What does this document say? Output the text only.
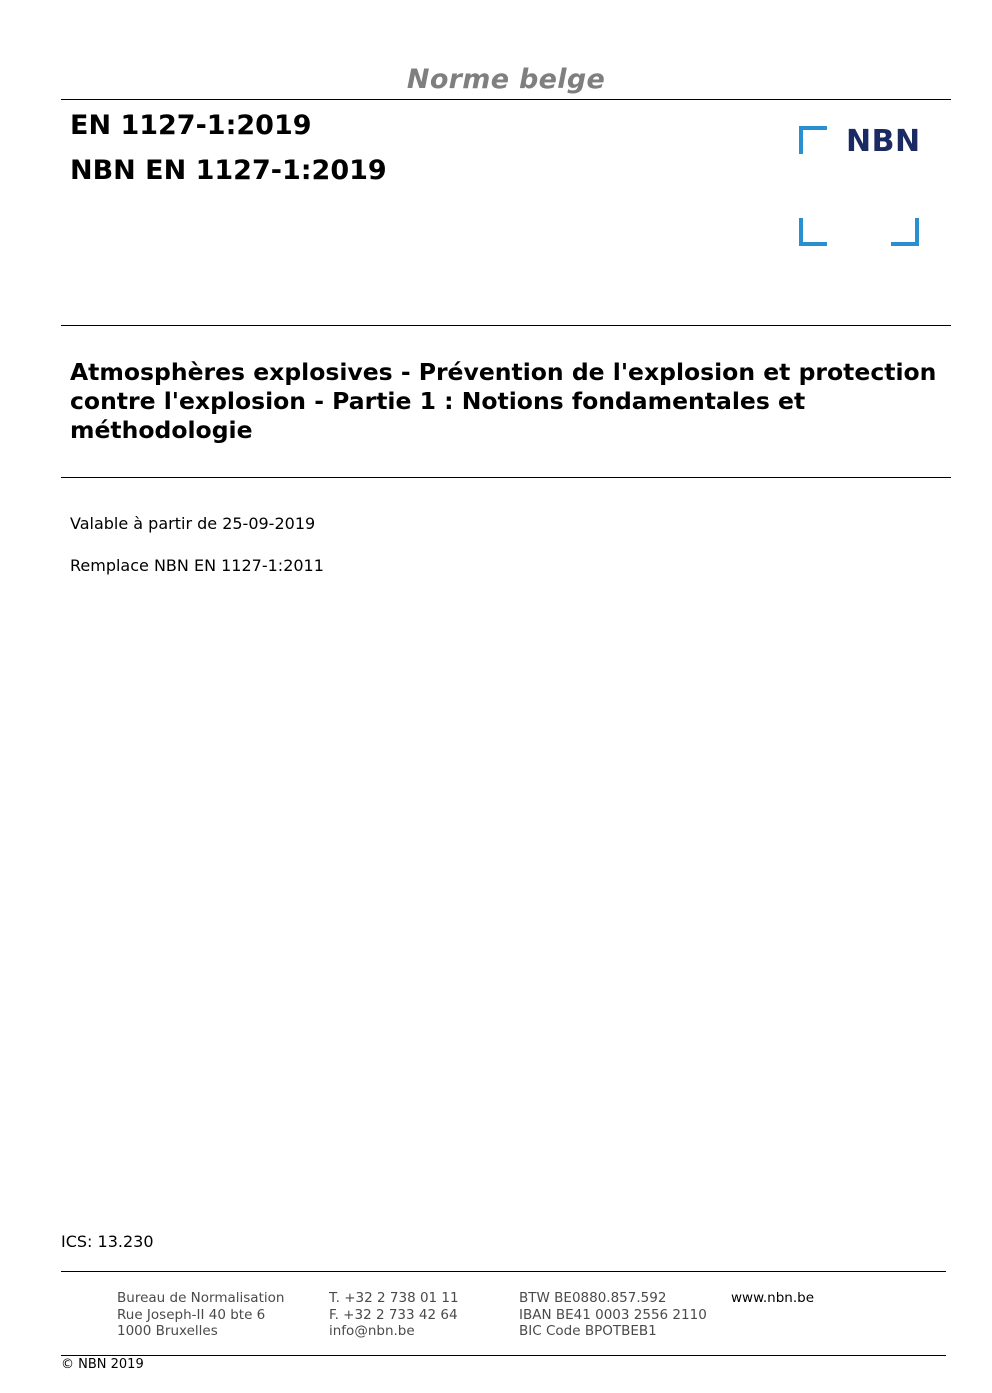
Norme belge
EN 1127-1:2019
NBN EN 1127-1:2019
NBN
Atmosphères explosives - Prévention de l'explosion et protection contre l'explosion - Partie 1 : Notions fondamentales et méthodologie
Valable à partir de 25-09-2019
Remplace NBN EN 1127-1:2011
ICS: 13.230
Bureau de Normalisation
Rue Joseph-II 40 bte 6
1000 Bruxelles
T. +32 2 738 01 11
F. +32 2 733 42 64
info@nbn.be
BTW BE0880.857.592
IBAN BE41 0003 2556 2110
BIC Code BPOTBEB1
www.nbn.be
© NBN 2019
